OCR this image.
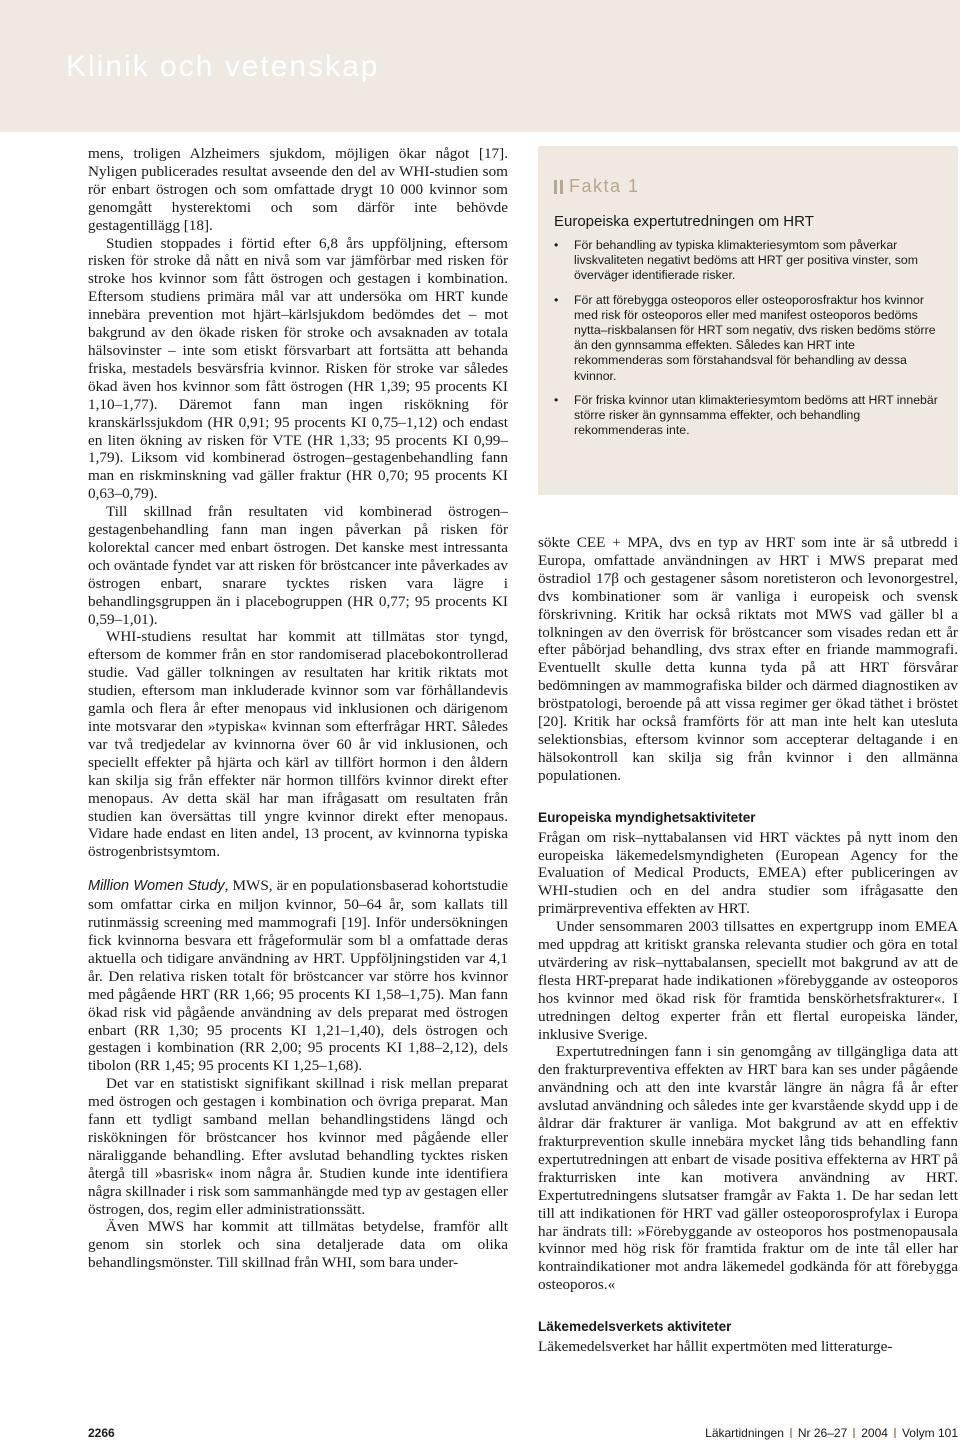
Klinik och vetenskap

mens, troligen Alzheimers sjukdom, möjligen ökar något [17]. Nyligen publicerades resultat avseende den del av WHI-studien som rör enbart östrogen och som omfattade drygt 10 000 kvinnor som genomgått hysterektomi och som därför inte behövde gestagentillägg [18].

Studien stoppades i förtid efter 6,8 års uppföljning, eftersom risken för stroke då nått en nivå som var jämförbar med risken för stroke hos kvinnor som fått östrogen och gestagen i kombination. Eftersom studiens primära mål var att undersöka om HRT kunde innebära prevention mot hjärt–kärlsjukdom bedömdes det – mot bakgrund av den ökade risken för stroke och avsaknaden av totala hälsovinster – inte som etiskt försvarbart att fortsätta att behanda friska, mestadels besvärsfria kvinnor. Risken för stroke var således ökad även hos kvinnor som fått östrogen (HR 1,39; 95 procents KI 1,10–1,77). Däremot fann man ingen riskökning för kranskärlssjukdom (HR 0,91; 95 procents KI 0,75–1,12) och endast en liten ökning av risken för VTE (HR 1,33; 95 procents KI 0,99–1,79). Liksom vid kombinerad östrogen–gestagenbehandling fann man en riskminskning vad gäller fraktur (HR 0,70; 95 procents KI 0,63–0,79).

Till skillnad från resultaten vid kombinerad östrogen–gestagenbehandling fann man ingen påverkan på risken för kolorektal cancer med enbart östrogen. Det kanske mest intressanta och oväntade fyndet var att risken för bröstcancer inte påverkades av östrogen enbart, snarare tycktes risken vara lägre i behandlingsgruppen än i placebogruppen (HR 0,77; 95 procents KI 0,59–1,01).

WHI-studiens resultat har kommit att tillmätas stor tyngd, eftersom de kommer från en stor randomiserad placebokontrollerad studie. Vad gäller tolkningen av resultaten har kritik riktats mot studien, eftersom man inkluderade kvinnor som var förhållandevis gamla och flera år efter menopaus vid inklusionen och därigenom inte motsvarar den »typiska« kvinnan som efterfrågar HRT. Således var två tredjedelar av kvinnorna över 60 år vid inklusionen, och speciellt effekter på hjärta och kärl av tillfört hormon i den åldern kan skilja sig från effekter när hormon tillförs kvinnor direkt efter menopaus. Av detta skäl har man ifrågasatt om resultaten från studien kan översättas till yngre kvinnor direkt efter menopaus. Vidare hade endast en liten andel, 13 procent, av kvinnorna typiska östrogenbristsymtom.

Million Women Study, MWS, är en populationsbaserad kohortstudie som omfattar cirka en miljon kvinnor, 50–64 år, som kallats till rutinmässig screening med mammografi [19]. Inför undersökningen fick kvinnorna besvara ett frågeformulär som bl a omfattade deras aktuella och tidigare användning av HRT. Uppföljningstiden var 4,1 år. Den relativa risken totalt för bröstcancer var större hos kvinnor med pågående HRT (RR 1,66; 95 procents KI 1,58–1,75). Man fann ökad risk vid pågående användning av dels preparat med östrogen enbart (RR 1,30; 95 procents KI 1,21–1,40), dels östrogen och gestagen i kombination (RR 2,00; 95 procents KI 1,88–2,12), dels tibolon (RR 1,45; 95 procents KI 1,25–1,68).

Det var en statistiskt signifikant skillnad i risk mellan preparat med östrogen och gestagen i kombination och övriga preparat. Man fann ett tydligt samband mellan behandlingstidens längd och riskökningen för bröstcancer hos kvinnor med pågående eller näraliggande behandling. Efter avslutad behandling tycktes risken återgå till »basrisk« inom några år. Studien kunde inte identifiera några skillnader i risk som sammanhängde med typ av gestagen eller östrogen, dos, regim eller administrationssätt.

Även MWS har kommit att tillmätas betydelse, framför allt genom sin storlek och sina detaljerade data om olika behandlingsmönster. Till skillnad från WHI, som bara under-

Fakta 1
Europeiska expertutredningen om HRT
• För behandling av typiska klimakteriesymtom som påverkar livskvaliteten negativt bedöms att HRT ger positiva vinster, som överväger identifierade risker.
• För att förebygga osteoporos eller osteoporosfraktur hos kvinnor med risk för osteoporos eller med manifest osteoporos bedöms nytta–riskbalansen för HRT som negativ, dvs risken bedöms större än den gynnsamma effekten. Således kan HRT inte rekommenderas som förstahandsval för behandling av dessa kvinnor.
• För friska kvinnor utan klimakteriesymtom bedöms att HRT innebär större risker än gynnsamma effekter, och behandling rekommenderas inte.

sökte CEE + MPA, dvs en typ av HRT som inte är så utbredd i Europa, omfattade användningen av HRT i MWS preparat med östradiol 17β och gestagener såsom noretisteron och levonorgestrel, dvs kombinationer som är vanliga i europeisk och svensk förskrivning. Kritik har också riktats mot MWS vad gäller bl a tolkningen av den överrisk för bröstcancer som visades redan ett år efter påbörjad behandling, dvs strax efter en friande mammografi. Eventuellt skulle detta kunna tyda på att HRT försvårar bedömningen av mammografiska bilder och därmed diagnostiken av bröstpatologi, beroende på att vissa regimer ger ökad täthet i bröstet [20]. Kritik har också framförts för att man inte helt kan utesluta selektionsbias, eftersom kvinnor som accepterar deltagande i en hälsokontroll kan skilja sig från kvinnor i den allmänna populationen.

Europeiska myndighetsaktiviteter

Frågan om risk–nyttabalansen vid HRT väcktes på nytt inom den europeiska läkemedelsmyndigheten (European Agency for the Evaluation of Medical Products, EMEA) efter publiceringen av WHI-studien och en del andra studier som ifrågasatte den primärpreventiva effekten av HRT.

Under sensommaren 2003 tillsattes en expertgrupp inom EMEA med uppdrag att kritiskt granska relevanta studier och göra en total utvärdering av risk–nyttabalansen, speciellt mot bakgrund av att de flesta HRT-preparat hade indikationen »förebyggande av osteoporos hos kvinnor med ökad risk för framtida benskörhetsfrakturer«. I utredningen deltog experter från ett flertal europeiska länder, inklusive Sverige.

Expertutredningen fann i sin genomgång av tillgängliga data att den frakturpreventiva effekten av HRT bara kan ses under pågående användning och att den inte kvarstår längre än några få år efter avslutad användning och således inte ger kvarstående skydd upp i de åldrar där frakturer är vanliga. Mot bakgrund av att en effektiv frakturprevention skulle innebära mycket lång tids behandling fann expertutredningen att enbart de visade positiva effekterna av HRT på frakturrisken inte kan motivera användning av HRT. Expertutredningens slutsatser framgår av Fakta 1. De har sedan lett till att indikationen för HRT vad gäller osteoporosprofylax i Europa har ändrats till: »Förebyggande av osteoporos hos postmenopausala kvinnor med hög risk för framtida fraktur om de inte tål eller har kontraindikationer mot andra läkemedel godkända för att förebygga osteoporos.«

Läkemedelsverkets aktiviteter

Läkemedelsverket har hållit expertmöten med litteraturge-

2266	Läkartidningen Nr 26–27 2004 Volym 101
